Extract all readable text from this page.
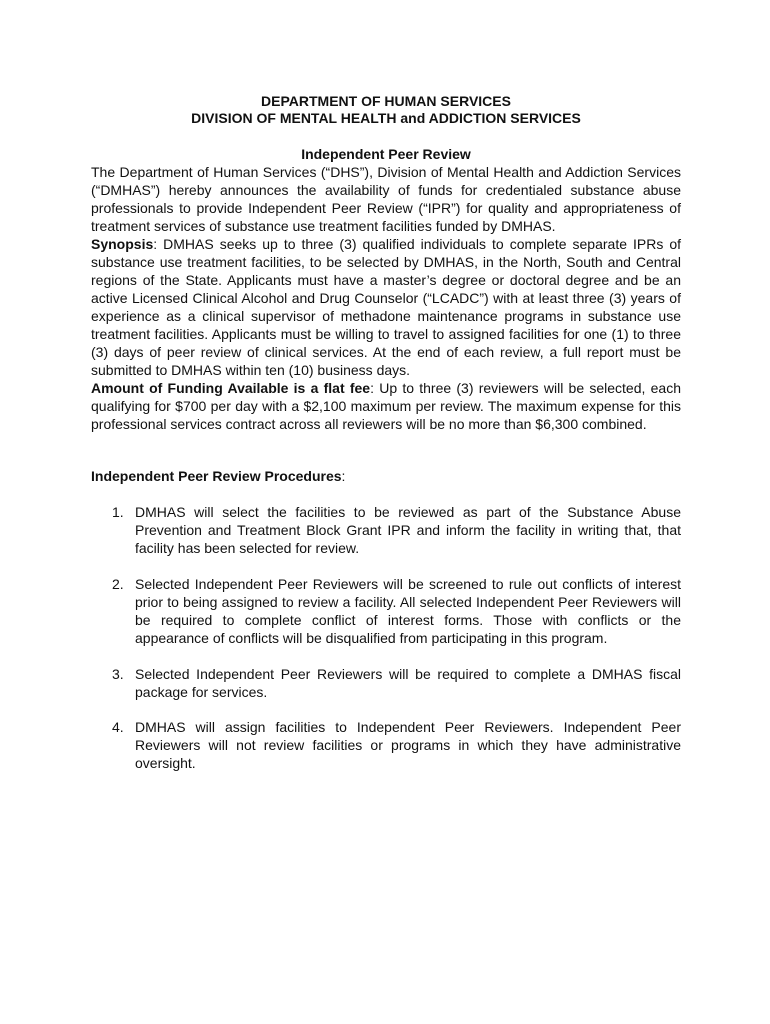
DEPARTMENT OF HUMAN SERVICES

DIVISION OF MENTAL HEALTH and ADDICTION SERVICES

Independent Peer Review

The Department of Human Services (“DHS”), Division of Mental Health and Addiction Services (“DMHAS”) hereby announces the availability of funds for credentialed substance abuse professionals to provide Independent Peer Review (“IPR”) for quality and appropriateness of treatment services of substance use treatment facilities funded by DMHAS.

Synopsis: DMHAS seeks up to three (3) qualified individuals to complete separate IPRs of substance use treatment facilities, to be selected by DMHAS, in the North, South and Central regions of the State. Applicants must have a master’s degree or doctoral degree and be an active Licensed Clinical Alcohol and Drug Counselor (“LCADC”) with at least three (3) years of experience as a clinical supervisor of methadone maintenance programs in substance use treatment facilities. Applicants must be willing to travel to assigned facilities for one (1) to three (3) days of peer review of clinical services. At the end of each review, a full report must be submitted to DMHAS within ten (10) business days.

Amount of Funding Available is a flat fee: Up to three (3) reviewers will be selected, each qualifying for $700 per day with a $2,100 maximum per review. The maximum expense for this professional services contract across all reviewers will be no more than $6,300 combined.

Independent Peer Review Procedures:

1. DMHAS will select the facilities to be reviewed as part of the Substance Abuse Prevention and Treatment Block Grant IPR and inform the facility in writing that, that facility has been selected for review.
2. Selected Independent Peer Reviewers will be screened to rule out conflicts of interest prior to being assigned to review a facility. All selected Independent Peer Reviewers will be required to complete conflict of interest forms. Those with conflicts or the appearance of conflicts will be disqualified from participating in this program.
3. Selected Independent Peer Reviewers will be required to complete a DMHAS fiscal package for services.
4. DMHAS will assign facilities to Independent Peer Reviewers. Independent Peer Reviewers will not review facilities or programs in which they have administrative oversight.
